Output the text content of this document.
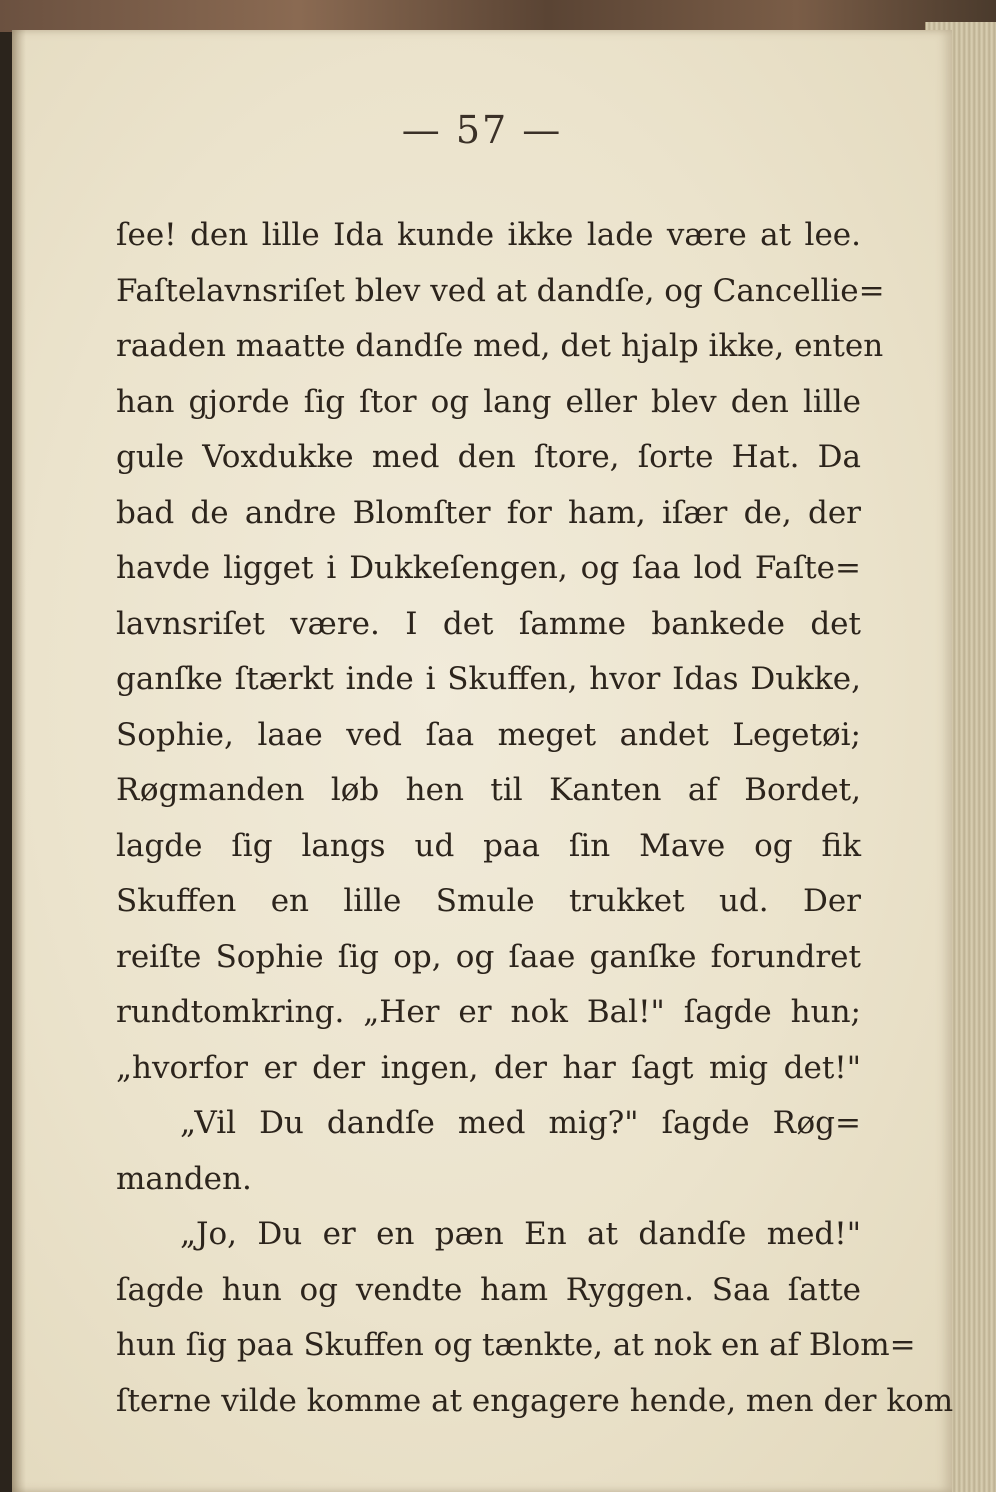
— 57 —
ſee! den lille Ida kunde ikke lade være at lee.
Faſtelavnsriſet blev ved at dandſe, og Cancellie=
raaden maatte dandſe med, det hjalp ikke, enten
han gjorde ſig ſtor og lang eller blev den lille
gule Voxdukke med den ſtore, ſorte Hat. Da
bad de andre Blomſter for ham, iſær de, der
havde ligget i Dukkeſengen, og ſaa lod Faſte=
lavnsriſet være. I det ſamme bankede det
ganſke ſtærkt inde i Skuffen, hvor Idas Dukke,
Sophie, laae ved ſaa meget andet Legetøi;
Røgmanden løb hen til Kanten af Bordet,
lagde ſig langs ud paa ſin Mave og fik
Skuffen en lille Smule trukket ud. Der
reiſte Sophie ſig op, og ſaae ganſke forundret
rundtomkring. „Her er nok Bal!" ſagde hun;
„hvorfor er der ingen, der har ſagt mig det!"
„Vil Du dandſe med mig?" ſagde Røg=
manden.
„Jo, Du er en pæn En at dandſe med!"
ſagde hun og vendte ham Ryggen. Saa ſatte
hun ſig paa Skuffen og tænkte, at nok en af Blom=
ſterne vilde komme at engagere hende, men der kom
